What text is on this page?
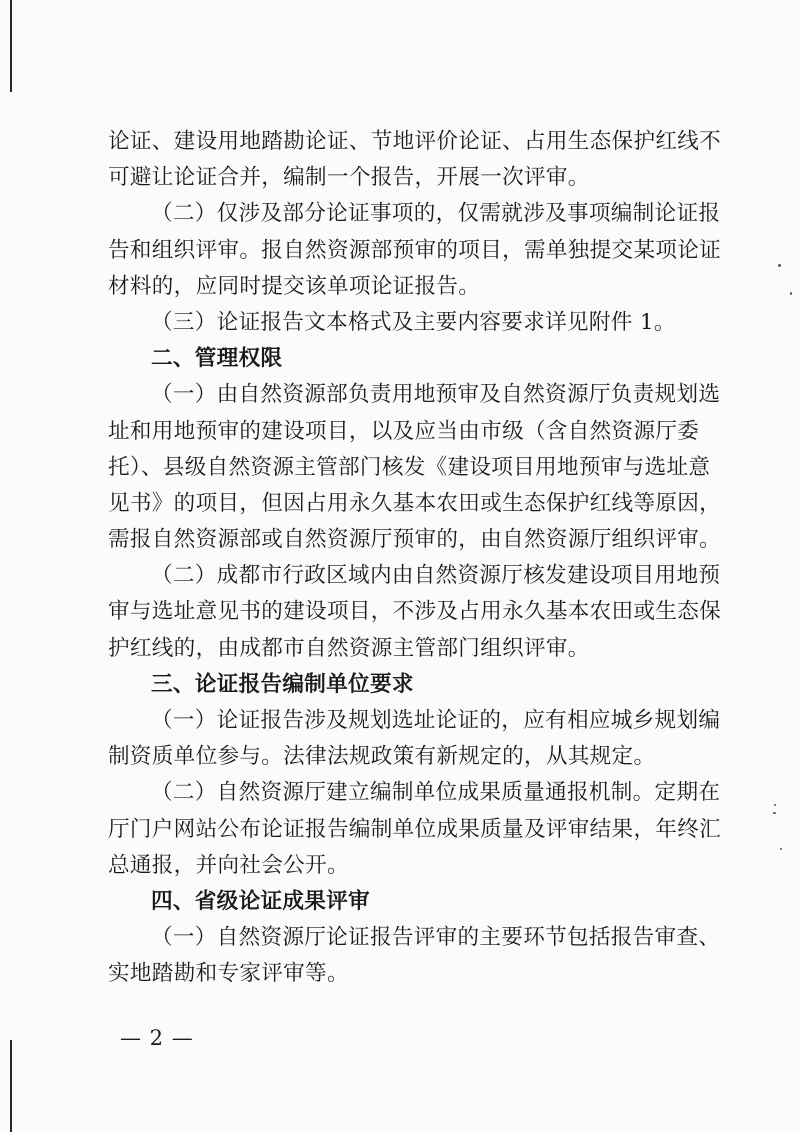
论证、建设用地踏勘论证、节地评价论证、占用生态保护红线不
可避让论证合并，编制一个报告，开展一次评审。
（二）仅涉及部分论证事项的，仅需就涉及事项编制论证报
告和组织评审。报自然资源部预审的项目，需单独提交某项论证
材料的，应同时提交该单项论证报告。
（三）论证报告文本格式及主要内容要求详见附件 1。
二、管理权限
（一）由自然资源部负责用地预审及自然资源厅负责规划选
址和用地预审的建设项目，以及应当由市级（含自然资源厅委
托）、县级自然资源主管部门核发《建设项目用地预审与选址意
见书》的项目，但因占用永久基本农田或生态保护红线等原因，
需报自然资源部或自然资源厅预审的，由自然资源厅组织评审。
（二）成都市行政区域内由自然资源厅核发建设项目用地预
审与选址意见书的建设项目，不涉及占用永久基本农田或生态保
护红线的，由成都市自然资源主管部门组织评审。
三、论证报告编制单位要求
（一）论证报告涉及规划选址论证的，应有相应城乡规划编
制资质单位参与。法律法规政策有新规定的，从其规定。
（二）自然资源厅建立编制单位成果质量通报机制。定期在
厅门户网站公布论证报告编制单位成果质量及评审结果，年终汇
总通报，并向社会公开。
四、省级论证成果评审
（一）自然资源厅论证报告评审的主要环节包括报告审查、
实地踏勘和专家评审等。
— 2 —
